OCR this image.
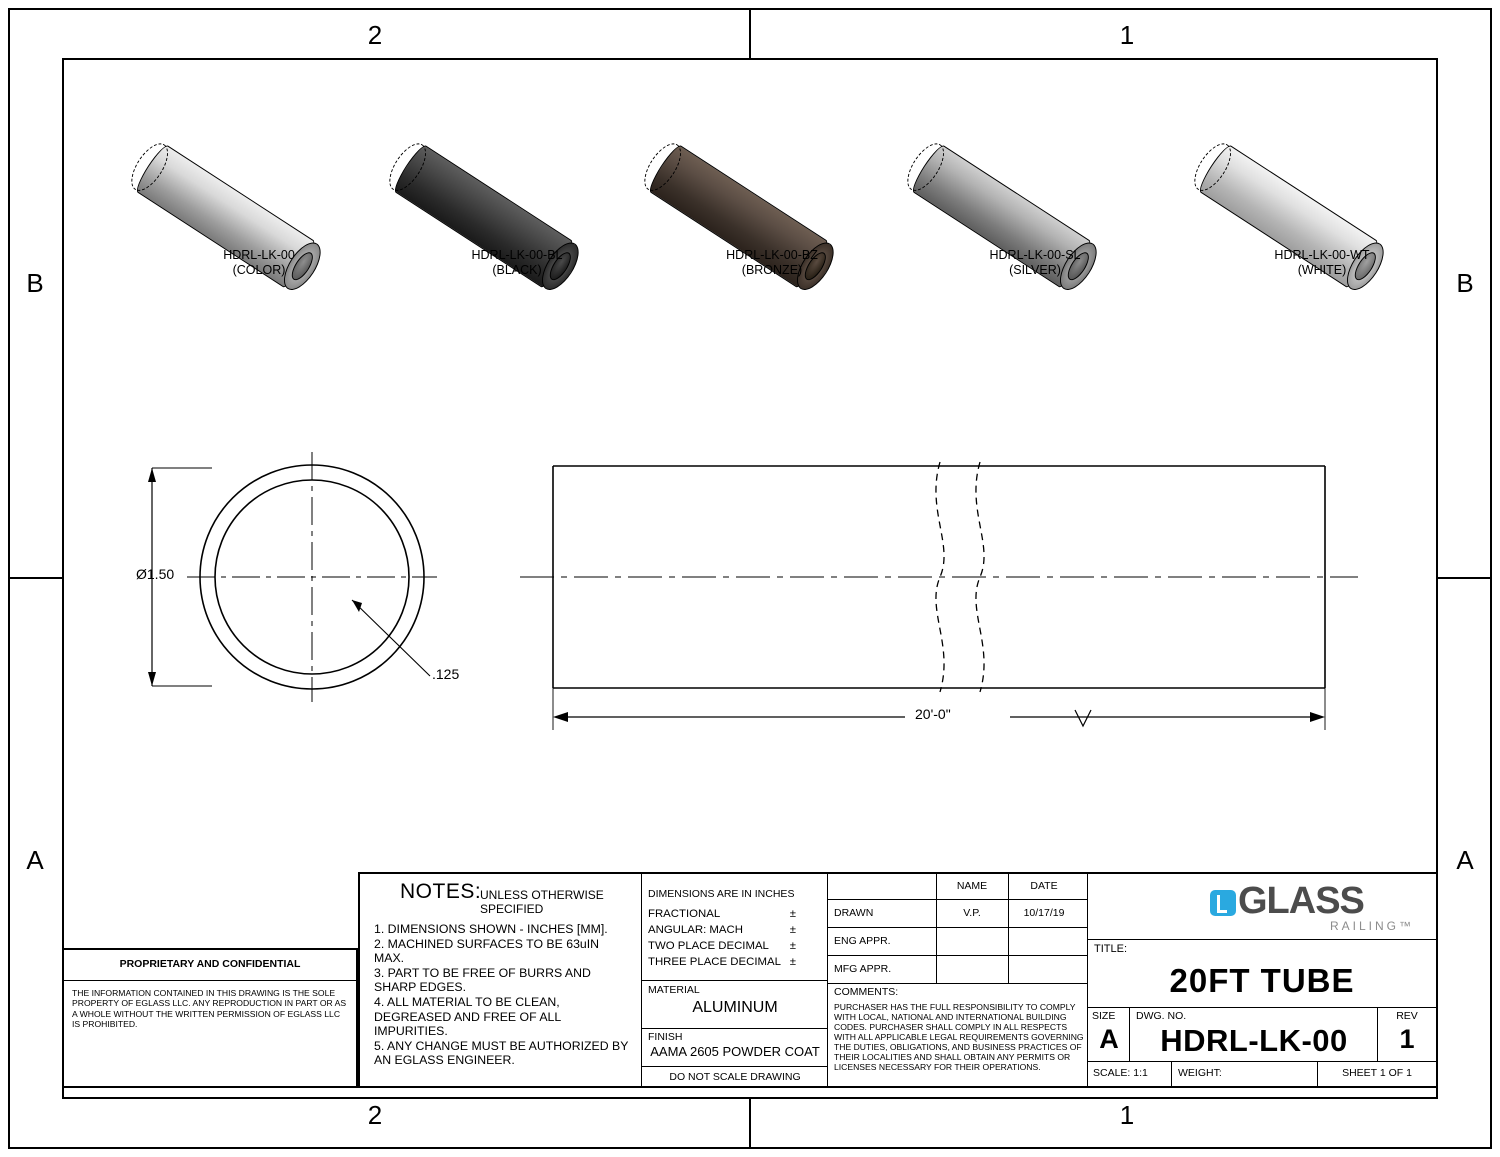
2	1
2	1
B	B
A	A
HDRL-LK-00
(COLOR)
HDRL-LK-00-BL
(BLACK)
HDRL-LK-00-BZ
(BRONZE)
HDRL-LK-00-SL
(SILVER)
HDRL-LK-00-WT
(WHITE)
Ø1.50
.125
20'-0"
PROPRIETARY AND CONFIDENTIAL
THE INFORMATION CONTAINED IN THIS DRAWING IS THE SOLE PROPERTY OF EGLASS LLC. ANY REPRODUCTION IN PART OR AS A WHOLE WITHOUT THE WRITTEN PERMISSION OF EGLASS LLC IS PROHIBITED.
NOTES:
UNLESS OTHERWISE SPECIFIED
1. DIMENSIONS SHOWN - INCHES [MM].
2. MACHINED SURFACES TO BE 63uIN MAX.
3. PART TO BE FREE OF BURRS AND SHARP EDGES.
4. ALL MATERIAL TO BE CLEAN, DEGREASED AND FREE OF ALL IMPURITIES.
5. ANY CHANGE MUST BE AUTHORIZED BY AN EGLASS ENGINEER.
DIMENSIONS ARE IN INCHES
FRACTIONAL	±
ANGULAR: MACH	±
TWO PLACE DECIMAL ±
THREE PLACE DECIMAL ±
MATERIAL
ALUMINUM
FINISH
AAMA 2605 POWDER COAT
DO NOT SCALE DRAWING
NAME	DATE
DRAWN	V.P.	10/17/19
ENG APPR.
MFG APPR.
COMMENTS:
PURCHASER HAS THE FULL RESPONSIBILITY TO COMPLY WITH LOCAL, NATIONAL AND INTERNATIONAL BUILDING CODES. PURCHASER SHALL COMPLY IN ALL RESPECTS WITH ALL APPLICABLE LEGAL REQUIREMENTS GOVERNING THE DUTIES, OBLIGATIONS, AND BUSINESS PRACTICES OF THEIR LOCALITIES AND SHALL OBTAIN ANY PERMITS OR LICENSES NECESSARY FOR THEIR OPERATIONS.
GLASS
RAILING™
TITLE:
20FT TUBE
SIZE
A
DWG. NO.
HDRL-LK-00
REV
1
SCALE: 1:1	WEIGHT:	SHEET 1 OF 1
